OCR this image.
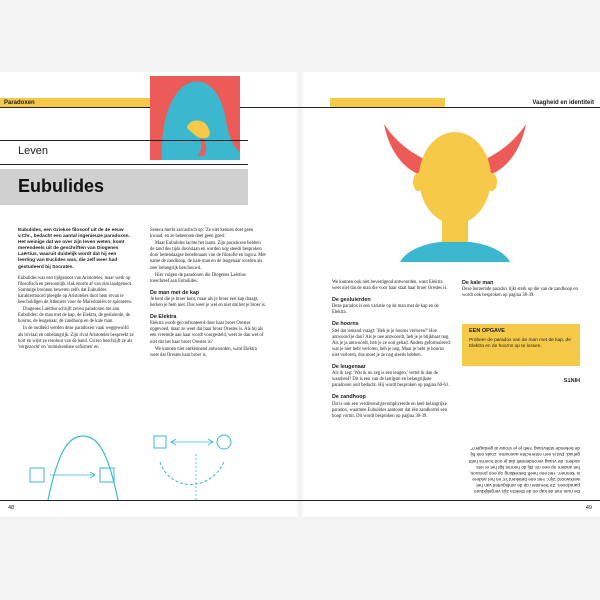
Paradoxen
Leven
Eubulides
Eubulides, een Griekse filosoof uit de 4e eeuw v.Chr., bedacht een aantal ingenieuze paradoxen. Het weinige dat we over zijn leven weten, komt merendeels uit de geschriften van Diogenes Laërtius, waaruit duidelijk wordt dat hij een leerling van Euclides was, die zelf weer had gestudeerd bij Socrates.

Eubulides was een tijdgenoot van Aristoteles, maar werk op filosofisch en persoonlijk vlak enorm af van zim landgenoot. Sommige bronnen beweren zelfs dat Eubulides karaktermoord pleegde op Aristoteles door hem ervan te beschuldigen de Atheners voor de Macedoniërs te spioneren.

Diogenes Laërtius schrijft zeven paradoxen toe aan Eubulides: de man met de kap, de Elektra, de gesluierde, de hoorns, de leugenaar, de zandhoop en de kale man.

In de oudheid werden deze paradoxen vaak weggewuifd als triviaal en onbelangrijk. Zijn rival Aristoteles bespreekt ze kort en wijst ze resoluut van de hand. Cicero beschrijft ze als 'vergezocht' en 'onmiskenbare sofismen' en

Seneca merkt sarcastisch op: 'Ze niet kennen doet geen kwaad, en ze beheersen doet geen goed.'

Maar Eubulides lachte het laatst. Zijn paradoxen hebben de tand des tijds doorstaan en worden nog steeds besproken door hedendaagse beoefenaars van de filosofie en logica. Met name de zandhoop, de kale man en de leugenaar worden als zeer belangrijk beschouwd.

Hier volgen de paradoxen die Diogenes Laërtius toeschreef aan Eubulides.

De man met de kap

Je kent die je broer kent, maar als je broer een kap draagt, herken je hem niet. Dus weet je wel en niet dat het je broer is.

De Elektra

Elektra wordt geconfronteerd door haar broer Orestes opgevoed, maar ze weet dat haar broer Orestes is. Als hij als een vreemde aan haar wordt voorgesteld, weet ze dan wel of niet dat het haar broer Orestes is?

We kunnen niet ontkennend antwoorden, want Elektra weet dat Orestes haar broer is.

48
Vaagheid en identiteit

We kunnen ook niet bevestigend antwoorden, want Elektra weet niet dat de man die voor haar staat haar broer Orestes is.

De gesluierden

Deze paradox is een variatie op de man met de kap en de Elektra.

De hoorns

Stel dat iemand vraagt: 'Heb je je hoorns verloren?' Hoe antwoord je dan? Als je nee antwoordt, heb je je blijkbaar nog. Als je ja antwoordt, heb je ze ooit gehad. Anders geformuleerd: wat je niet hebt verloren, heb je nog. Maar je hebt je hoorns niet verloren, dus moet je ze nog steeds hebben.

De leugenaar

Als ik zeg: 'Wat ik nu zeg is een leugen,' vertel ik dan de waarheid? Dit is een van de lastigste en belangrijkste paradoxen ooit bedacht. Hij wordt besproken op pagina 60-61.

De zandhoop

Dit is ook een verdiwend gecompliceerde en heel belangrijke paradox, waarmee Eubulides aantoont dat één zandkorrel een hoop vormt. Dit wordt besproken op pagina 38-39.

De kale man

Deze beroemde paradox lijkt sterk op die van de zandhoop en wordt ook besproken op pagina 38-39.

EEN OPGAVE
Probeer de paradox van de man met de kap, de Elektra en de hoorns op te lossen.
De man met de kap en de Elektra zijn vergelijkbare paradoxen. Ze berusten op de ambiguïteit van het werkwoord 'zijn'. Het ene betekent 'is' en het andere is 'kennen'. Het ene heeft betrekking op een persoon, het andere op een rol. Bij de hoorns ligt het er iets anders: de vraag veronderstelt dat je ooit hoorns hebt gehad. Dat is een onterechte aanname, zoals ook bij de bekende strikvraag 'Heb je je vrouw al geslagen?'
HINTS
49
